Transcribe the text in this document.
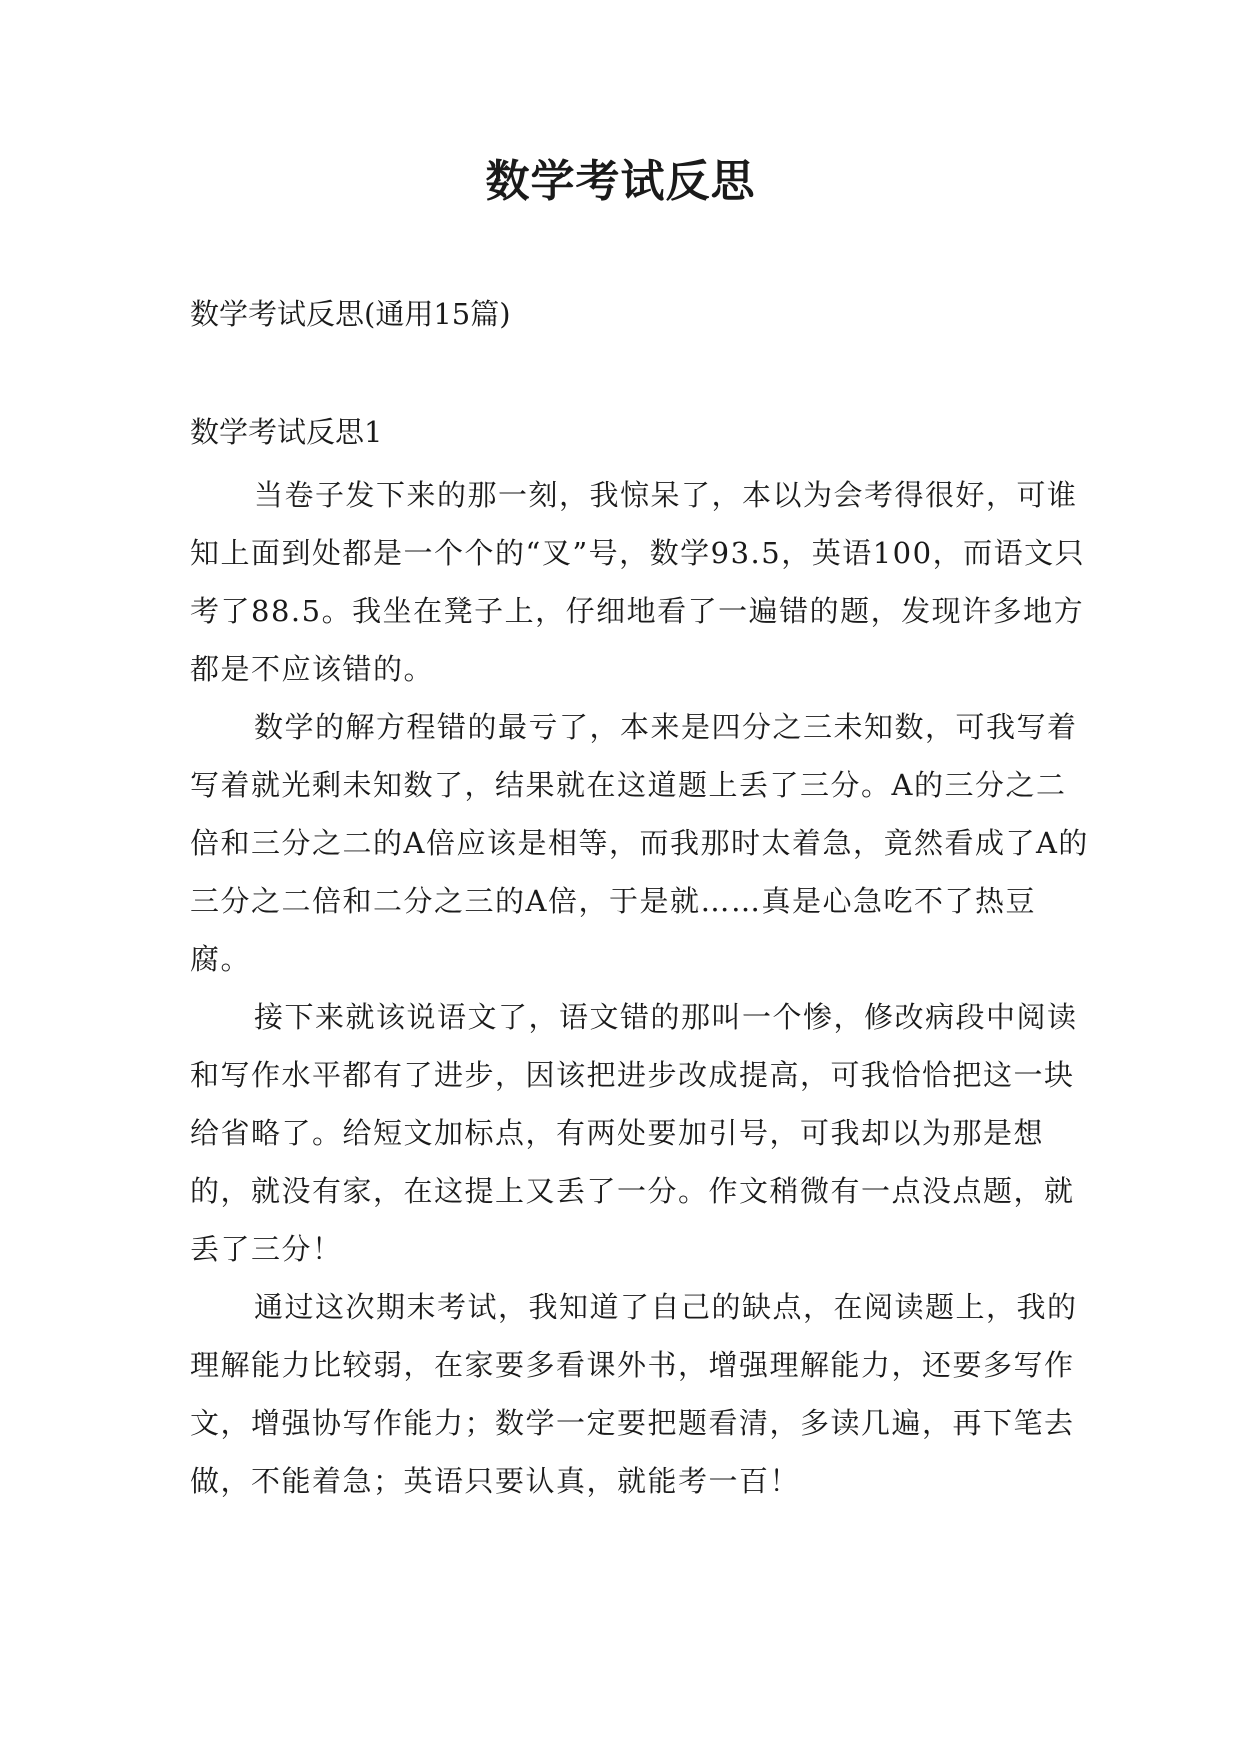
数学考试反思
数学考试反思(通用15篇)
数学考试反思1

当卷子发下来的那一刻，我惊呆了，本以为会考得很好，可谁知上面到处都是一个个的“叉”号，数学93.5，英语100，而语文只考了88.5。我坐在凳子上，仔细地看了一遍错的题，发现许多地方都是不应该错的。

数学的解方程错的最亏了，本来是四分之三未知数，可我写着写着就光剩未知数了，结果就在这道题上丢了三分。A的三分之二倍和三分之二的A倍应该是相等，而我那时太着急，竟然看成了A的三分之二倍和二分之三的A倍，于是就……真是心急吃不了热豆腐。

接下来就该说语文了，语文错的那叫一个惨，修改病段中阅读和写作水平都有了进步，因该把进步改成提高，可我恰恰把这一块给省略了。给短文加标点，有两处要加引号，可我却以为那是想的，就没有家，在这提上又丢了一分。作文稍微有一点没点题，就丢了三分！

通过这次期末考试，我知道了自己的缺点，在阅读题上，我的理解能力比较弱，在家要多看课外书，增强理解能力，还要多写作文，增强协写作能力；数学一定要把题看清，多读几遍，再下笔去做，不能着急；英语只要认真，就能考一百！
